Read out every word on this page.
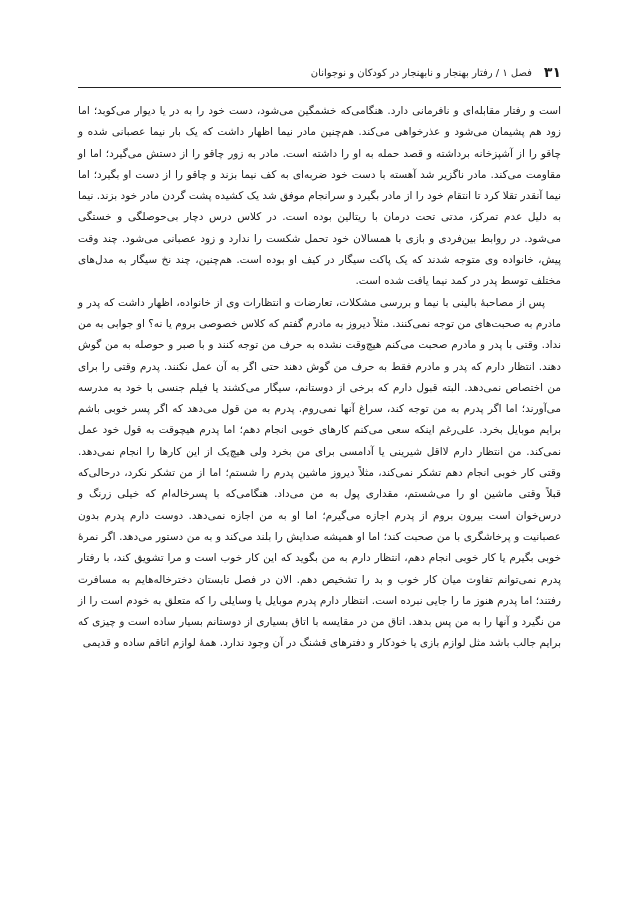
۳۱
فصل ۱ / رفتار بهنجار و نابهنجار در کودکان و نوجوانان

است و رفتار مقابله‌ای و نافرمانی دارد. هنگامی‌که خشمگین می‌شود، دست خود را به در یا دیوار می‌کوبد؛ اما زود هم پشیمان می‌شود و عذرخواهی می‌کند. هم‌چنین مادر نیما اظهار داشت که یک بار نیما عصبانی شده و چاقو را از آشپزخانه برداشته و قصد حمله به او را داشته است. مادر به زور چاقو را از دستش می‌گیرد؛ اما او مقاومت می‌کند. مادر ناگزیر شد آهسته با دست خود ضربه‌ای به کف نیما بزند و چاقو را از دست او بگیرد؛ اما نیما آنقدر تقلا کرد تا انتقام خود را از مادر بگیرد و سرانجام موفق شد یک کشیده پشت گردن مادر خود بزند. نیما به دلیل عدم تمرکز، مدتی تحت درمان با ریتالین بوده است. در کلاس درس دچار بی‌حوصلگی و خستگی می‌شود. در روابط بین‌فردی و بازی با همسالان خود تحمل شکست را ندارد و زود عصبانی می‌شود. چند وقت پیش، خانواده وی متوجه شدند که یک پاکت سیگار در کیف او بوده است. هم‌چنین، چند نخ سیگار به مدل‌های مختلف توسط پدر در کمد نیما یافت شده است.

پس از مصاحبهٔ بالینی با نیما و بررسی مشکلات، تعارضات و انتظارات وی از خانواده، اظهار داشت که پدر و مادرم به صحبت‌های من توجه نمی‌کنند. مثلاً دیروز به مادرم گفتم که کلاس خصوصی بروم یا نه؟ او جوابی به من نداد. وقتی با پدر و مادرم صحبت می‌کنم هیچ‌وقت نشده به حرف من توجه کنند و با صبر و حوصله به من گوش دهند. انتظار دارم که پدر و مادرم فقط به حرف من گوش دهند حتی اگر به آن عمل نکنند. پدرم وقتی را برای من اختصاص نمی‌دهد. البته قبول دارم که برخی از دوستانم، سیگار می‌کشند یا فیلم جنسی با خود به مدرسه می‌آورند؛ اما اگر پدرم به من توجه کند، سراغ آنها نمی‌روم. پدرم به من قول می‌دهد که اگر پسر خوبی باشم برایم موبایل بخرد. علی‌رغم اینکه سعی می‌کنم کارهای خوبی انجام دهم؛ اما پدرم هیچوقت به قول خود عمل نمی‌کند. من انتظار دارم لااقل شیرینی یا آدامسی برای من بخرد ولی هیچ‌یک از این کارها را انجام نمی‌دهد. وقتی کار خوبی انجام دهم تشکر نمی‌کند، مثلاً دیروز ماشین پدرم را شستم؛ اما از من تشکر نکرد، درحالی‌که قبلاً وقتی ماشین او را می‌شستم، مقداری پول به من می‌داد. هنگامی‌که با پسرخاله‌ام که خیلی زرنگ و درس‌خوان است بیرون بروم از پدرم اجازه می‌گیرم؛ اما او به من اجازه نمی‌دهد. دوست دارم پدرم بدون عصبانیت و پرخاشگری با من صحبت کند؛ اما او همیشه صدایش را بلند می‌کند و به من دستور می‌دهد. اگر نمرهٔ خوبی بگیرم یا کار خوبی انجام دهم، انتظار دارم به من بگوید که این کار خوب است و مرا تشویق کند، با رفتار پدرم نمی‌توانم تفاوت میان کار خوب و بد را تشخیص دهم. الان در فصل تابستان دخترخاله‌هایم به مسافرت رفتند؛ اما پدرم هنوز ما را جایی نبرده است. انتظار دارم پدرم موبایل یا وسایلی را که متعلق به خودم است را از من نگیرد و آنها را به من پس بدهد. اتاق من در مقایسه با اتاق بسیاری از دوستانم بسیار ساده است و چیزی که برایم جالب باشد مثل لوازم بازی یا خودکار و دفترهای قشنگ در آن وجود ندارد. همهٔ لوازم اتاقم ساده و قدیمی
